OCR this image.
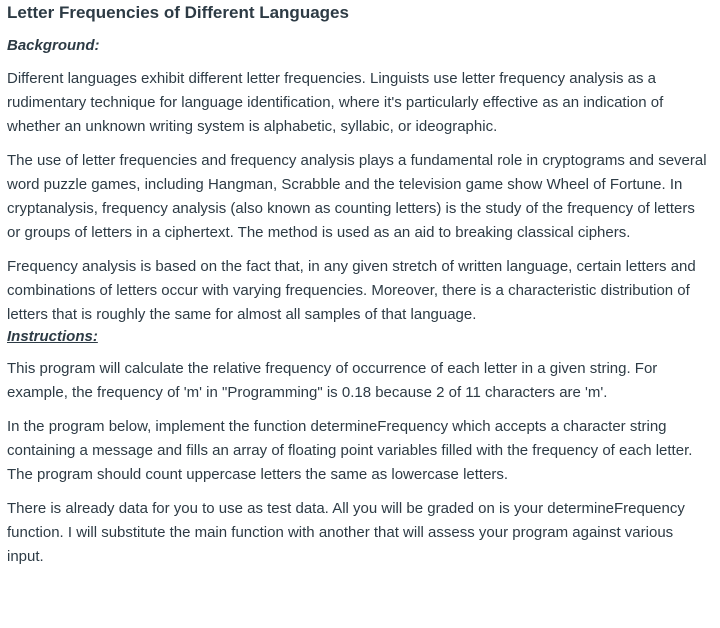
Letter Frequencies of Different Languages
Background:

Different languages exhibit different letter frequencies. Linguists use letter frequency analysis as a rudimentary technique for language identification, where it's particularly effective as an indication of whether an unknown writing system is alphabetic, syllabic, or ideographic.

The use of letter frequencies and frequency analysis plays a fundamental role in cryptograms and several word puzzle games, including Hangman, Scrabble and the television game show Wheel of Fortune. In cryptanalysis, frequency analysis (also known as counting letters) is the study of the frequency of letters or groups of letters in a ciphertext. The method is used as an aid to breaking classical ciphers.

Frequency analysis is based on the fact that, in any given stretch of written language, certain letters and combinations of letters occur with varying frequencies. Moreover, there is a characteristic distribution of letters that is roughly the same for almost all samples of that language.

Instructions:

This program will calculate the relative frequency of occurrence of each letter in a given string. For example, the frequency of 'm' in "Programming" is 0.18 because 2 of 11 characters are 'm'.

In the program below, implement the function determineFrequency which accepts a character string containing a message and fills an array of floating point variables filled with the frequency of each letter. The program should count uppercase letters the same as lowercase letters.

There is already data for you to use as test data. All you will be graded on is your determineFrequency function. I will substitute the main function with another that will assess your program against various input.
